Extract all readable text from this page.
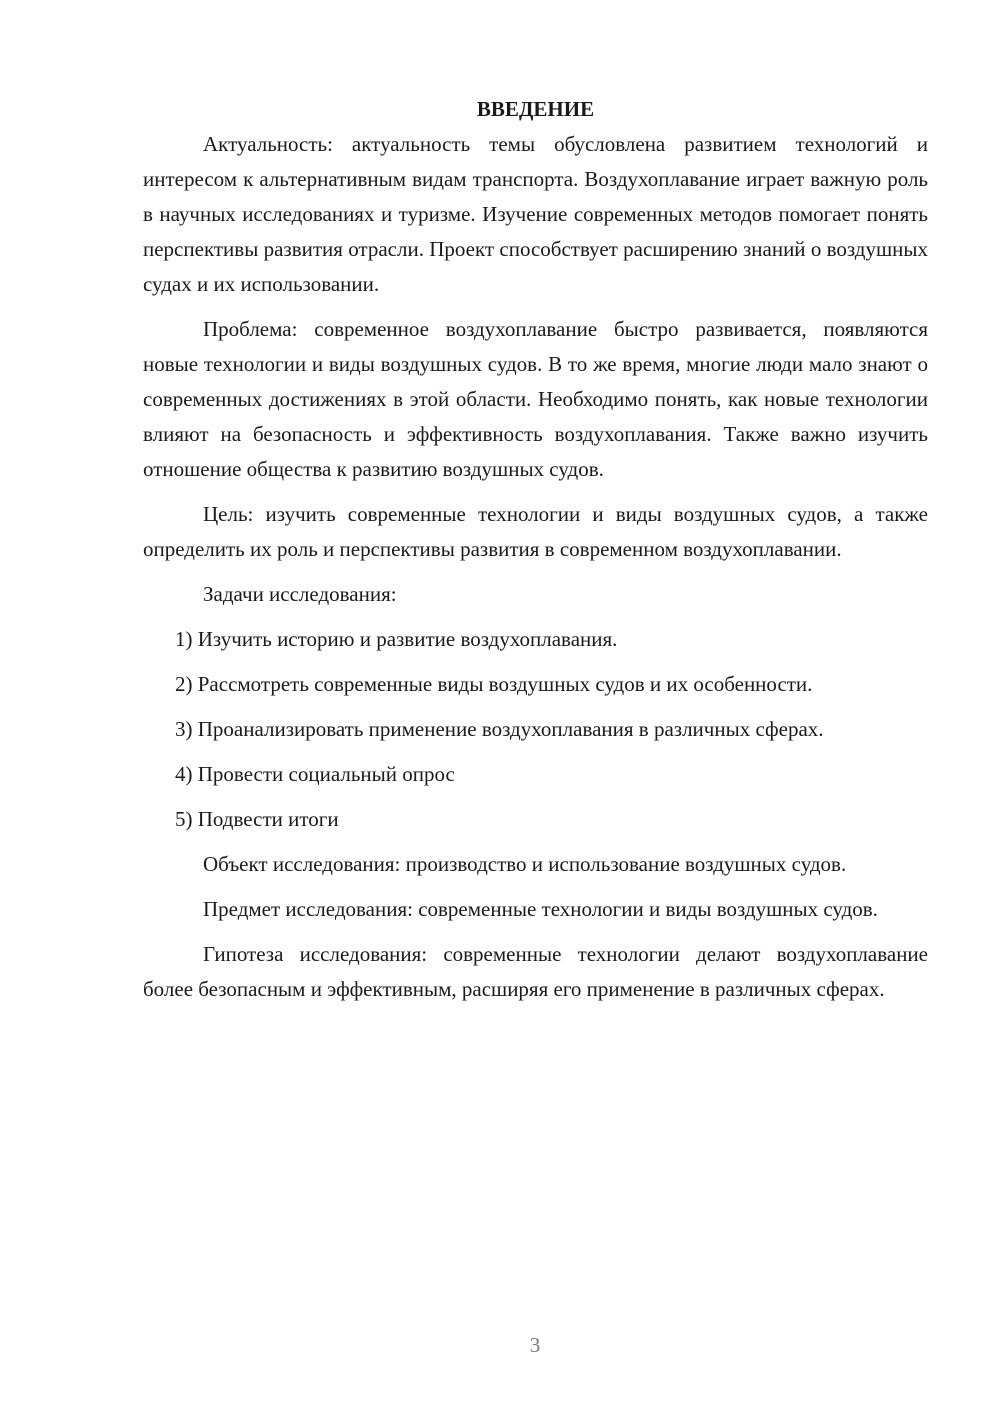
ВВЕДЕНИЕ

Актуальность: актуальность темы обусловлена развитием технологий и интересом к альтернативным видам транспорта. Воздухоплавание играет важную роль в научных исследованиях и туризме. Изучение современных методов помогает понять перспективы развития отрасли. Проект способствует расширению знаний о воздушных судах и их использовании.

Проблема: современное воздухоплавание быстро развивается, появляются новые технологии и виды воздушных судов. В то же время, многие люди мало знают о современных достижениях в этой области. Необходимо понять, как новые технологии влияют на безопасность и эффективность воздухоплавания. Также важно изучить отношение общества к развитию воздушных судов.

Цель: изучить современные технологии и виды воздушных судов, а также определить их роль и перспективы развития в современном воздухоплавании.

Задачи исследования:

1) Изучить историю и развитие воздухоплавания.

2) Рассмотреть современные виды воздушных судов и их особенности.

3) Проанализировать применение воздухоплавания в различных сферах.

4) Провести социальный опрос

5) Подвести итоги

Объект исследования: производство и использование воздушных судов.

Предмет исследования: современные технологии и виды воздушных судов.

Гипотеза исследования: современные технологии делают воздухоплавание более безопасным и эффективным, расширяя его применение в различных сферах.

3
